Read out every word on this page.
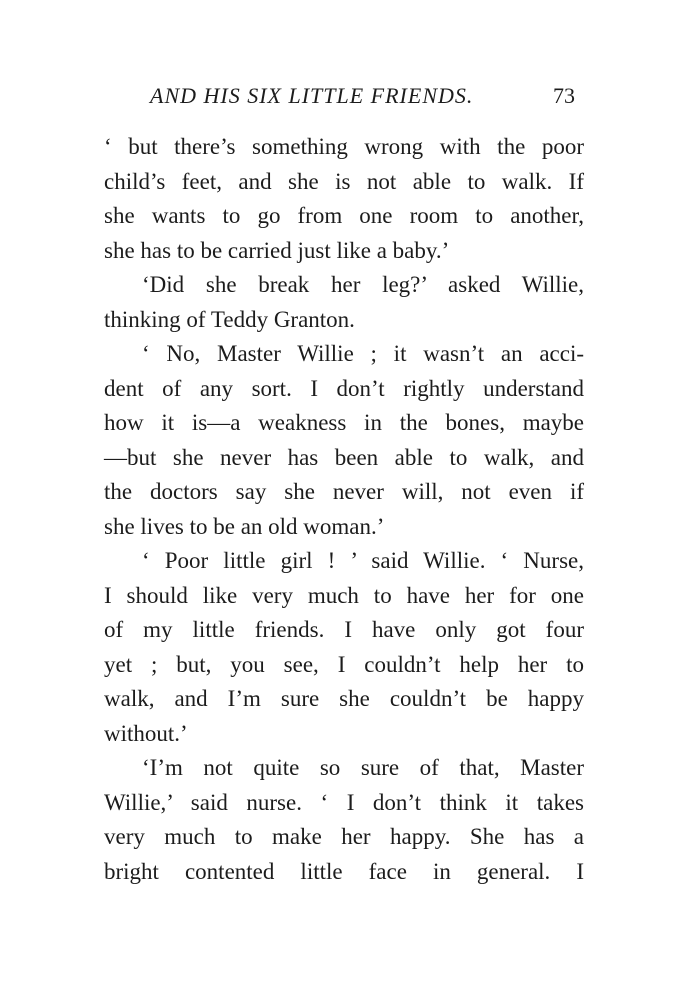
AND HIS SIX LITTLE FRIENDS.	73
‘ but there’s something wrong with the poor
child’s feet, and she is not able to walk. If
she wants to go from one room to another,
she has to be carried just like a baby.’
‘Did she break her leg?’ asked Willie,
thinking of Teddy Granton.
‘ No, Master Willie ; it wasn’t an acci-
dent of any sort. I don’t rightly understand
how it is—a weakness in the bones, maybe
—but she never has been able to walk, and
the doctors say she never will, not even if
she lives to be an old woman.’
‘ Poor little girl ! ’ said Willie. ‘ Nurse,
I should like very much to have her for one
of my little friends. I have only got four
yet ; but, you see, I couldn’t help her to
walk, and I’m sure she couldn’t be happy
without.’
‘I’m not quite so sure of that, Master
Willie,’ said nurse. ‘ I don’t think it takes
very much to make her happy. She has a
bright contented little face in general. I
